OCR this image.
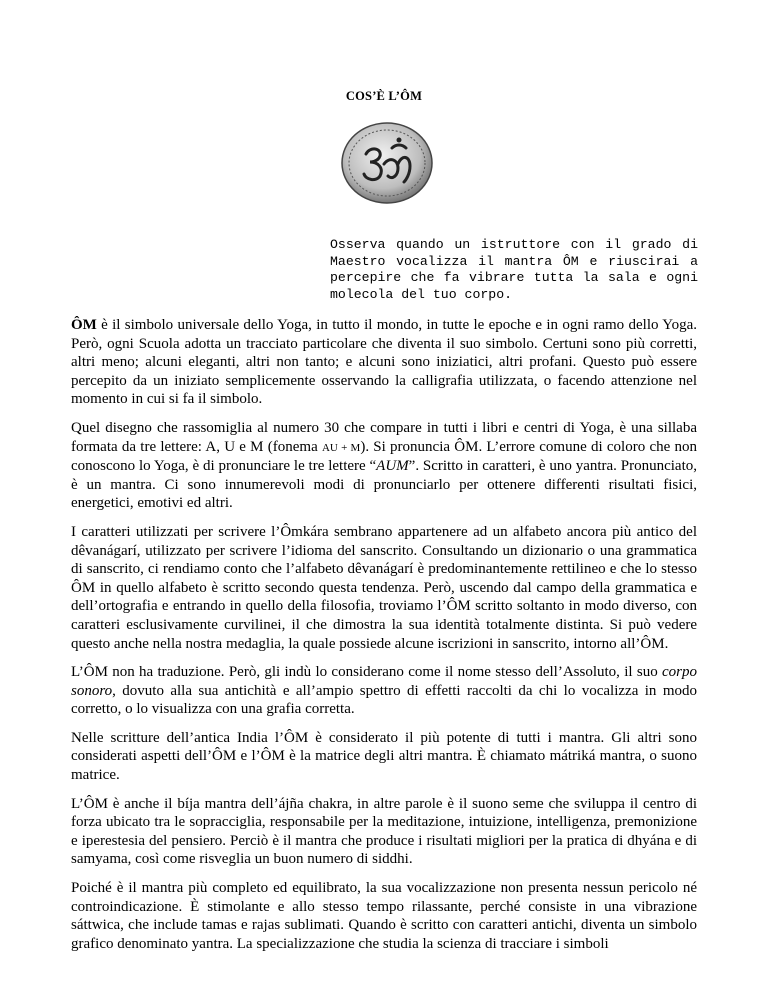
COS’È L’ÔM
Osserva quando un istruttore con il grado di Maestro vocalizza il mantra ÔM e riuscirai a percepire che fa vibrare tutta la sala e ogni molecola del tuo corpo.

ÔM è il simbolo universale dello Yoga, in tutto il mondo, in tutte le epoche e in ogni ramo dello Yoga. Però, ogni Scuola adotta un tracciato particolare che diventa il suo simbolo. Certuni sono più corretti, altri meno; alcuni eleganti, altri non tanto; e alcuni sono iniziatici, altri profani. Questo può essere percepito da un iniziato semplicemente osservando la calligrafia utilizzata, o facendo attenzione nel momento in cui si fa il simbolo.

Quel disegno che rassomiglia al numero 30 che compare in tutti i libri e centri di Yoga, è una sillaba formata da tre lettere: A, U e M (fonema AU + M). Si pronuncia ÔM. L’errore comune di coloro che non conoscono lo Yoga, è di pronunciare le tre lettere “AUM”. Scritto in caratteri, è uno yantra. Pronunciato, è un mantra. Ci sono innumerevoli modi di pronunciarlo per ottenere differenti risultati fisici, energetici, emotivi ed altri.

I caratteri utilizzati per scrivere l’Ômkára sembrano appartenere ad un alfabeto ancora più antico del dêvanágarí, utilizzato per scrivere l’idioma del sanscrito. Consultando un dizionario o una grammatica di sanscrito, ci rendiamo conto che l’alfabeto dêvanágarí è predominantemente rettilineo e che lo stesso ÔM in quello alfabeto è scritto secondo questa tendenza. Però, uscendo dal campo della grammatica e dell’ortografia e entrando in quello della filosofia, troviamo l’ÔM scritto soltanto in modo diverso, con caratteri esclusivamente curvilinei, il che dimostra la sua identità totalmente distinta. Si può vedere questo anche nella nostra medaglia, la quale possiede alcune iscrizioni in sanscrito, intorno all’ÔM.

L’ÔM non ha traduzione. Però, gli indù lo considerano come il nome stesso dell’Assoluto, il suo corpo sonoro, dovuto alla sua antichità e all’ampio spettro di effetti raccolti da chi lo vocalizza in modo corretto, o lo visualizza con una grafia corretta.

Nelle scritture dell’antica India l’ÔM è considerato il più potente di tutti i mantra. Gli altri sono considerati aspetti dell’ÔM e l’ÔM è la matrice degli altri mantra. È chiamato mátriká mantra, o suono matrice.

L’ÔM è anche il bíja mantra dell’ájña chakra, in altre parole è il suono seme che sviluppa il centro di forza ubicato tra le sopracciglia, responsabile per la meditazione, intuizione, intelligenza, premonizione e iperestesia del pensiero. Perciò è il mantra che produce i risultati migliori per la pratica di dhyána e di samyama, così come risveglia un buon numero di siddhi.

Poiché è il mantra più completo ed equilibrato, la sua vocalizzazione non presenta nessun pericolo né controindicazione. È stimolante e allo stesso tempo rilassante, perché consiste in una vibrazione sáttwica, che include tamas e rajas sublimati. Quando è scritto con caratteri antichi, diventa un simbolo grafico denominato yantra. La specializzazione che studia la scienza di tracciare i simboli
